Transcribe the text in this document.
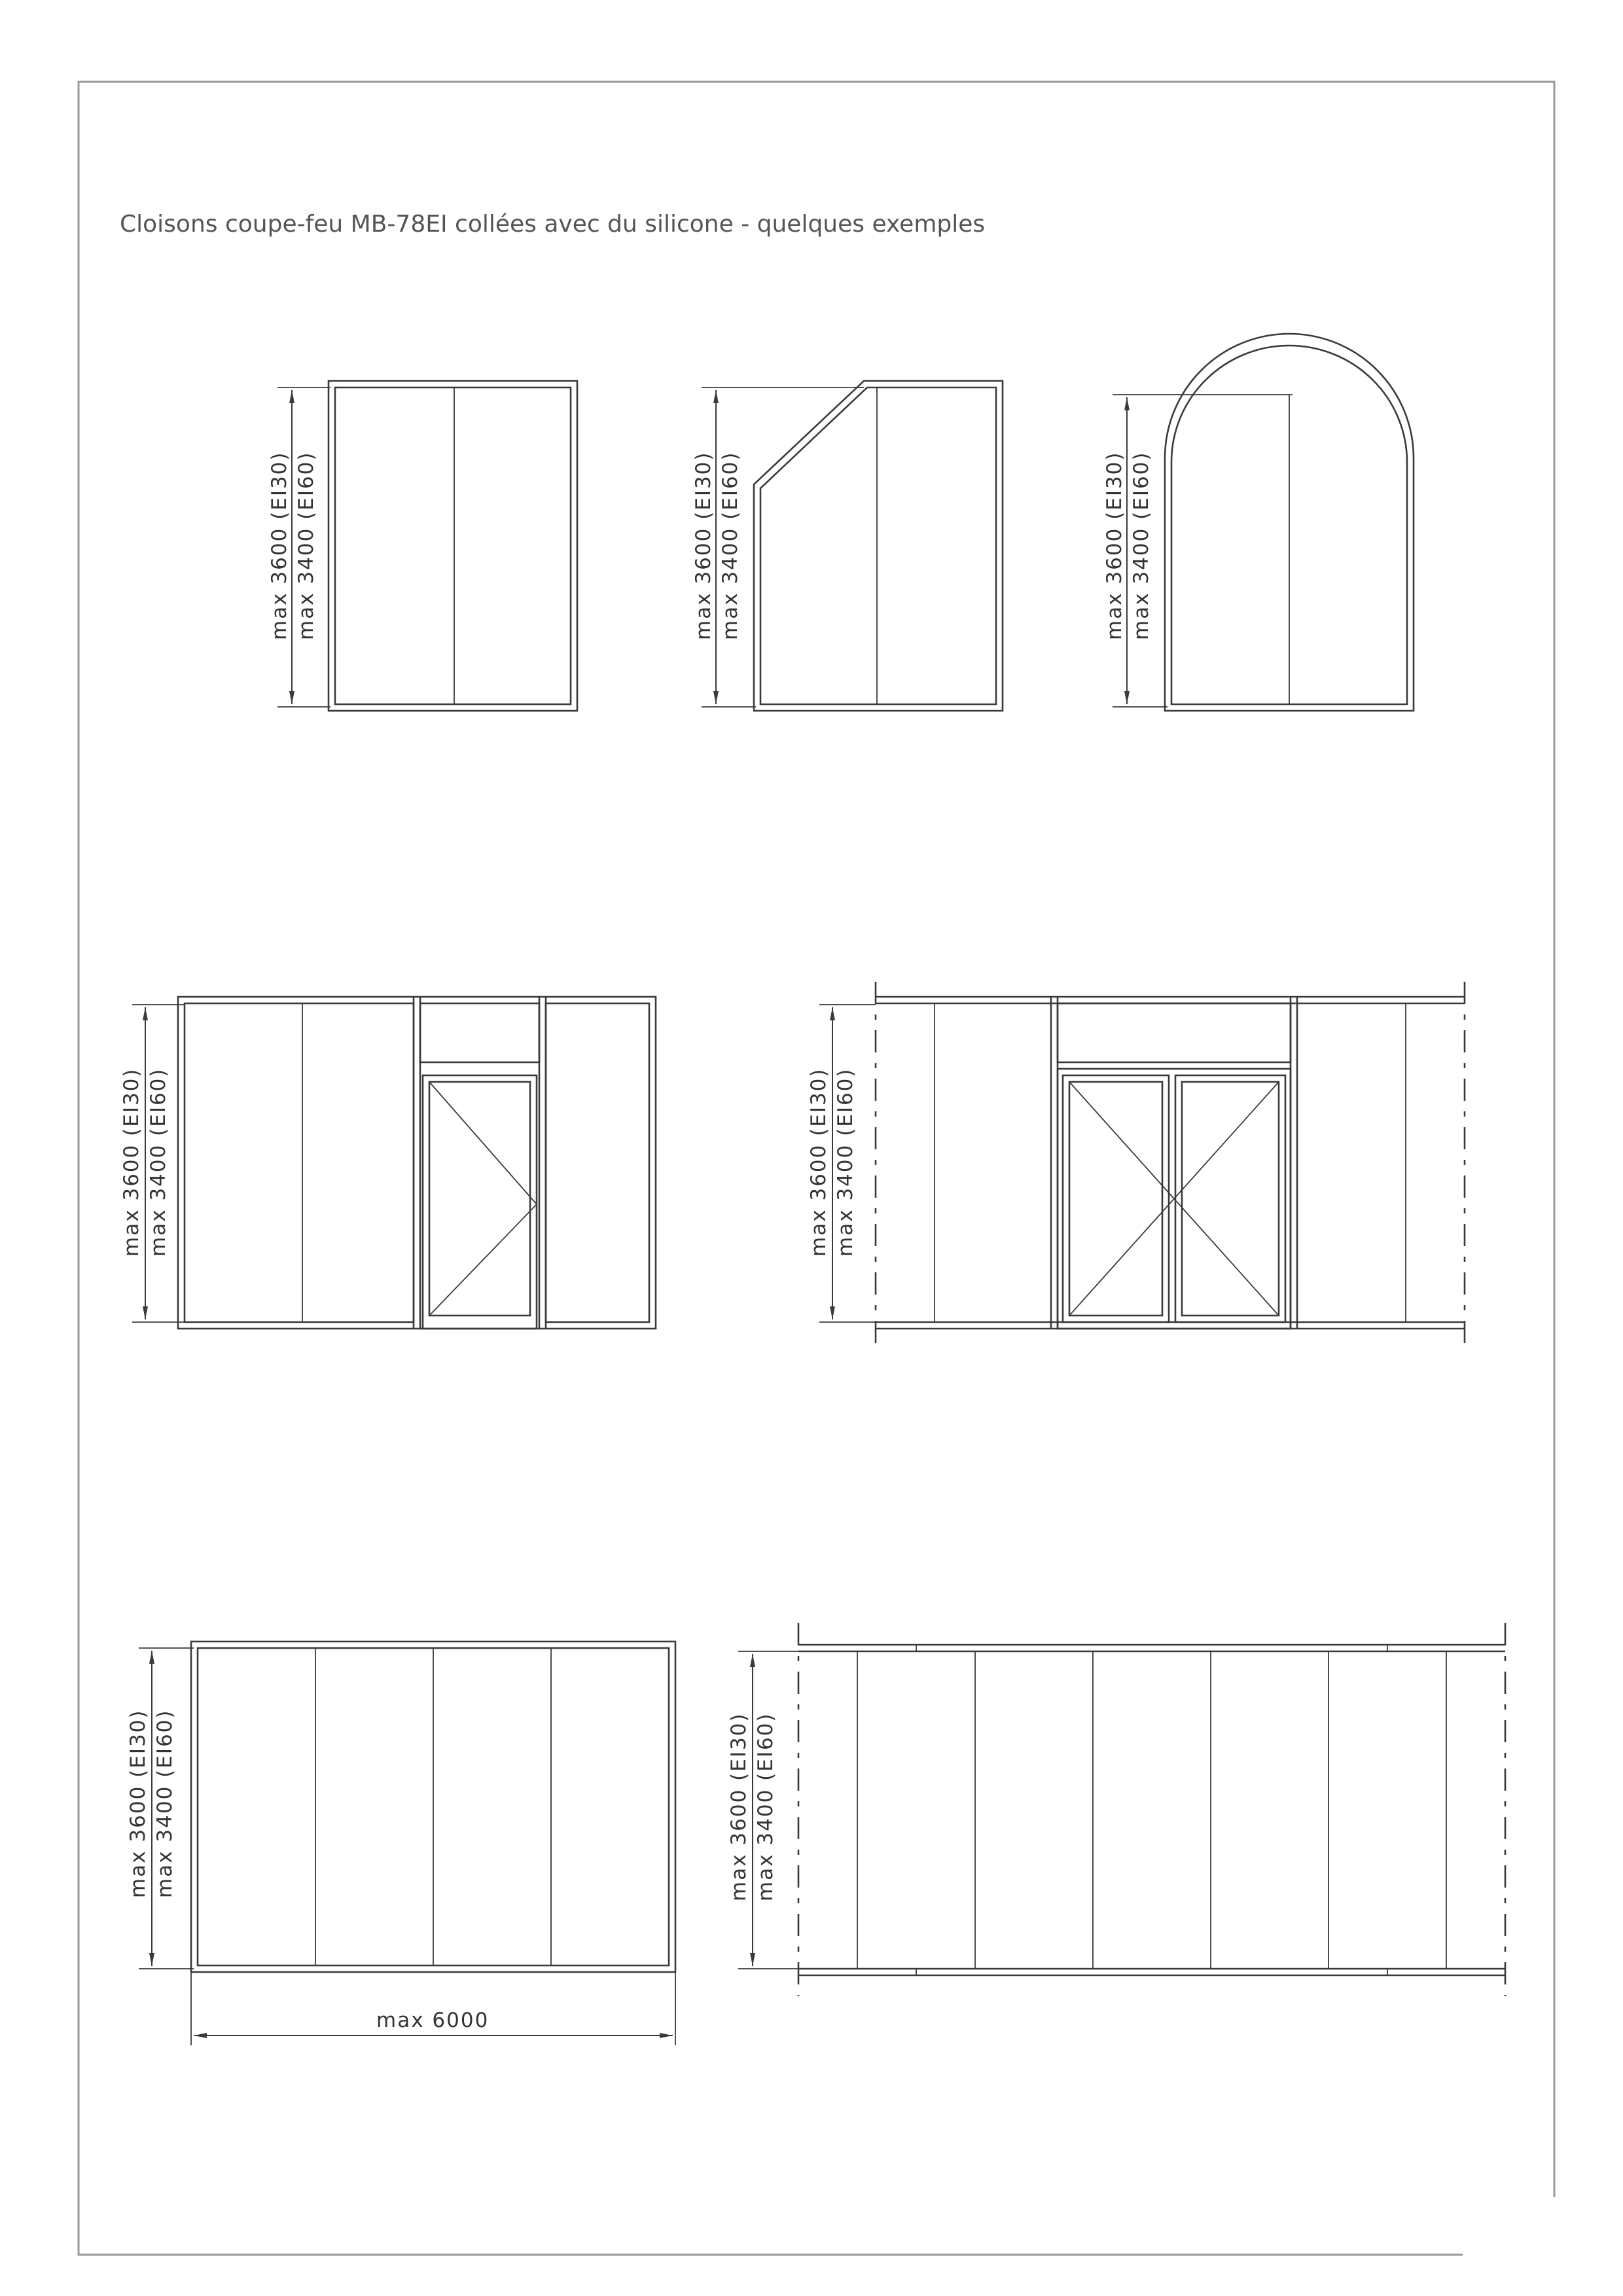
Cloisons coupe-feu MB-78EI collées avec du silicone - quelques exemples
max 3600 (EI30) max 3400 (EI60)	max 3600 (EI30) max 3400 (EI60)	max 3600 (EI30) max 3400 (EI60)
max 3600 (EI30) max 3400 (EI60)	max 3600 (EI30) max 3400 (EI60)
max 3600 (EI30) max 3400 (EI60)
max 6000
max 3600 (EI30) max 3400 (EI60)
